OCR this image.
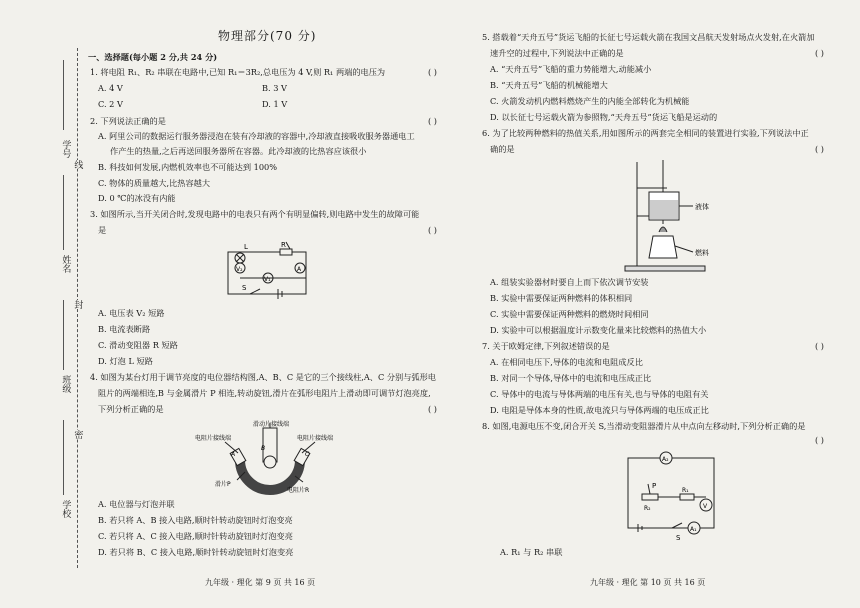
学号
姓名
班级
学校
线
封
密
物理部分(70 分)
一、选择题(每小题 2 分,共 24 分)
1. 将电阻 R₁、R₂ 串联在电路中,已知 R₁＝3R₂,总电压为 4 V,则 R₁ 两端的电压为	( )
A. 4 V	B. 3 V
C. 2 V	D. 1 V
2. 下列说法正确的是	( )
A. 阿里公司的数据运行服务器浸泡在装有冷却液的容器中,冷却液直接吸收服务器通电工
作产生的热量,之后再送回服务器所在容器。此冷却液的比热容应该很小
B. 科技如何发展,内燃机效率也不可能达到 100%
C. 物体的质量越大,比热容越大
D. 0 ℃的冰没有内能
3. 如图所示,当开关闭合时,发现电路中的电表只有两个有明显偏转,则电路中发生的故障可能
是	( )
L	R
V₂	A
V₁
S
A. 电压表 V₂ 短路
B. 电流表断路
C. 滑动变阻器 R 短路
D. 灯泡 L 短路
4. 如图为某台灯用于调节亮度的电位器结构图,A、B、C 是它的三个接线柱,A、C 分别与弧形电
阻片的两端相连,B 与金属滑片 P 相连,转动旋钮,滑片在弧形电阻片上滑动即可调节灯泡亮度,
下列分析正确的是	( )
滑动片接线端
电阻片接线端	电阻片接线端
A
B
C
滑片P
电阻片R
A. 电位器与灯泡并联
B. 若只将 A、B 接入电路,顺时针转动旋钮时灯泡变亮
C. 若只将 A、C 接入电路,顺时针转动旋钮时灯泡变亮
D. 若只将 B、C 接入电路,顺时针转动旋钮时灯泡变亮
九年级 · 理化 第 9 页 共 16 页
5. 搭载着“天舟五号”货运飞船的长征七号运载火箭在我国文昌航天发射场点火发射,在火箭加
速升空的过程中,下列说法中正确的是	( )
A. “天舟五号”飞船的重力势能增大,动能减小
B. “天舟五号”飞船的机械能增大
C. 火箭发动机内燃料燃烧产生的内能全部转化为机械能
D. 以长征七号运载火箭为参照物,“天舟五号”货运飞船是运动的
6. 为了比较两种燃料的热值关系,用如图所示的两套完全相同的装置进行实验,下列说法中正
确的是	( )
液体
燃料
A. 组装实验器材时要自上而下依次调节安装
B. 实验中需要保证两种燃料的体积相同
C. 实验中需要保证两种燃料的燃烧时间相同
D. 实验中可以根据温度计示数变化量来比较燃料的热值大小
7. 关于欧姆定律,下列叙述错误的是	( )
A. 在相同电压下,导体的电流和电阻成反比
B. 对同一个导体,导体中的电流和电压成正比
C. 导体中的电流与导体两端的电压有关,也与导体的电阻有关
D. 电阻是导体本身的性质,故电流只与导体两端的电压成正比
8. 如图,电源电压不变,闭合开关 S,当滑动变阻器滑片从中点向左移动时,下列分析正确的是
( )
A₂
P
R₂
R₁
V
A₁
S
A. R₁ 与 R₂ 串联
九年级 · 理化 第 10 页 共 16 页
